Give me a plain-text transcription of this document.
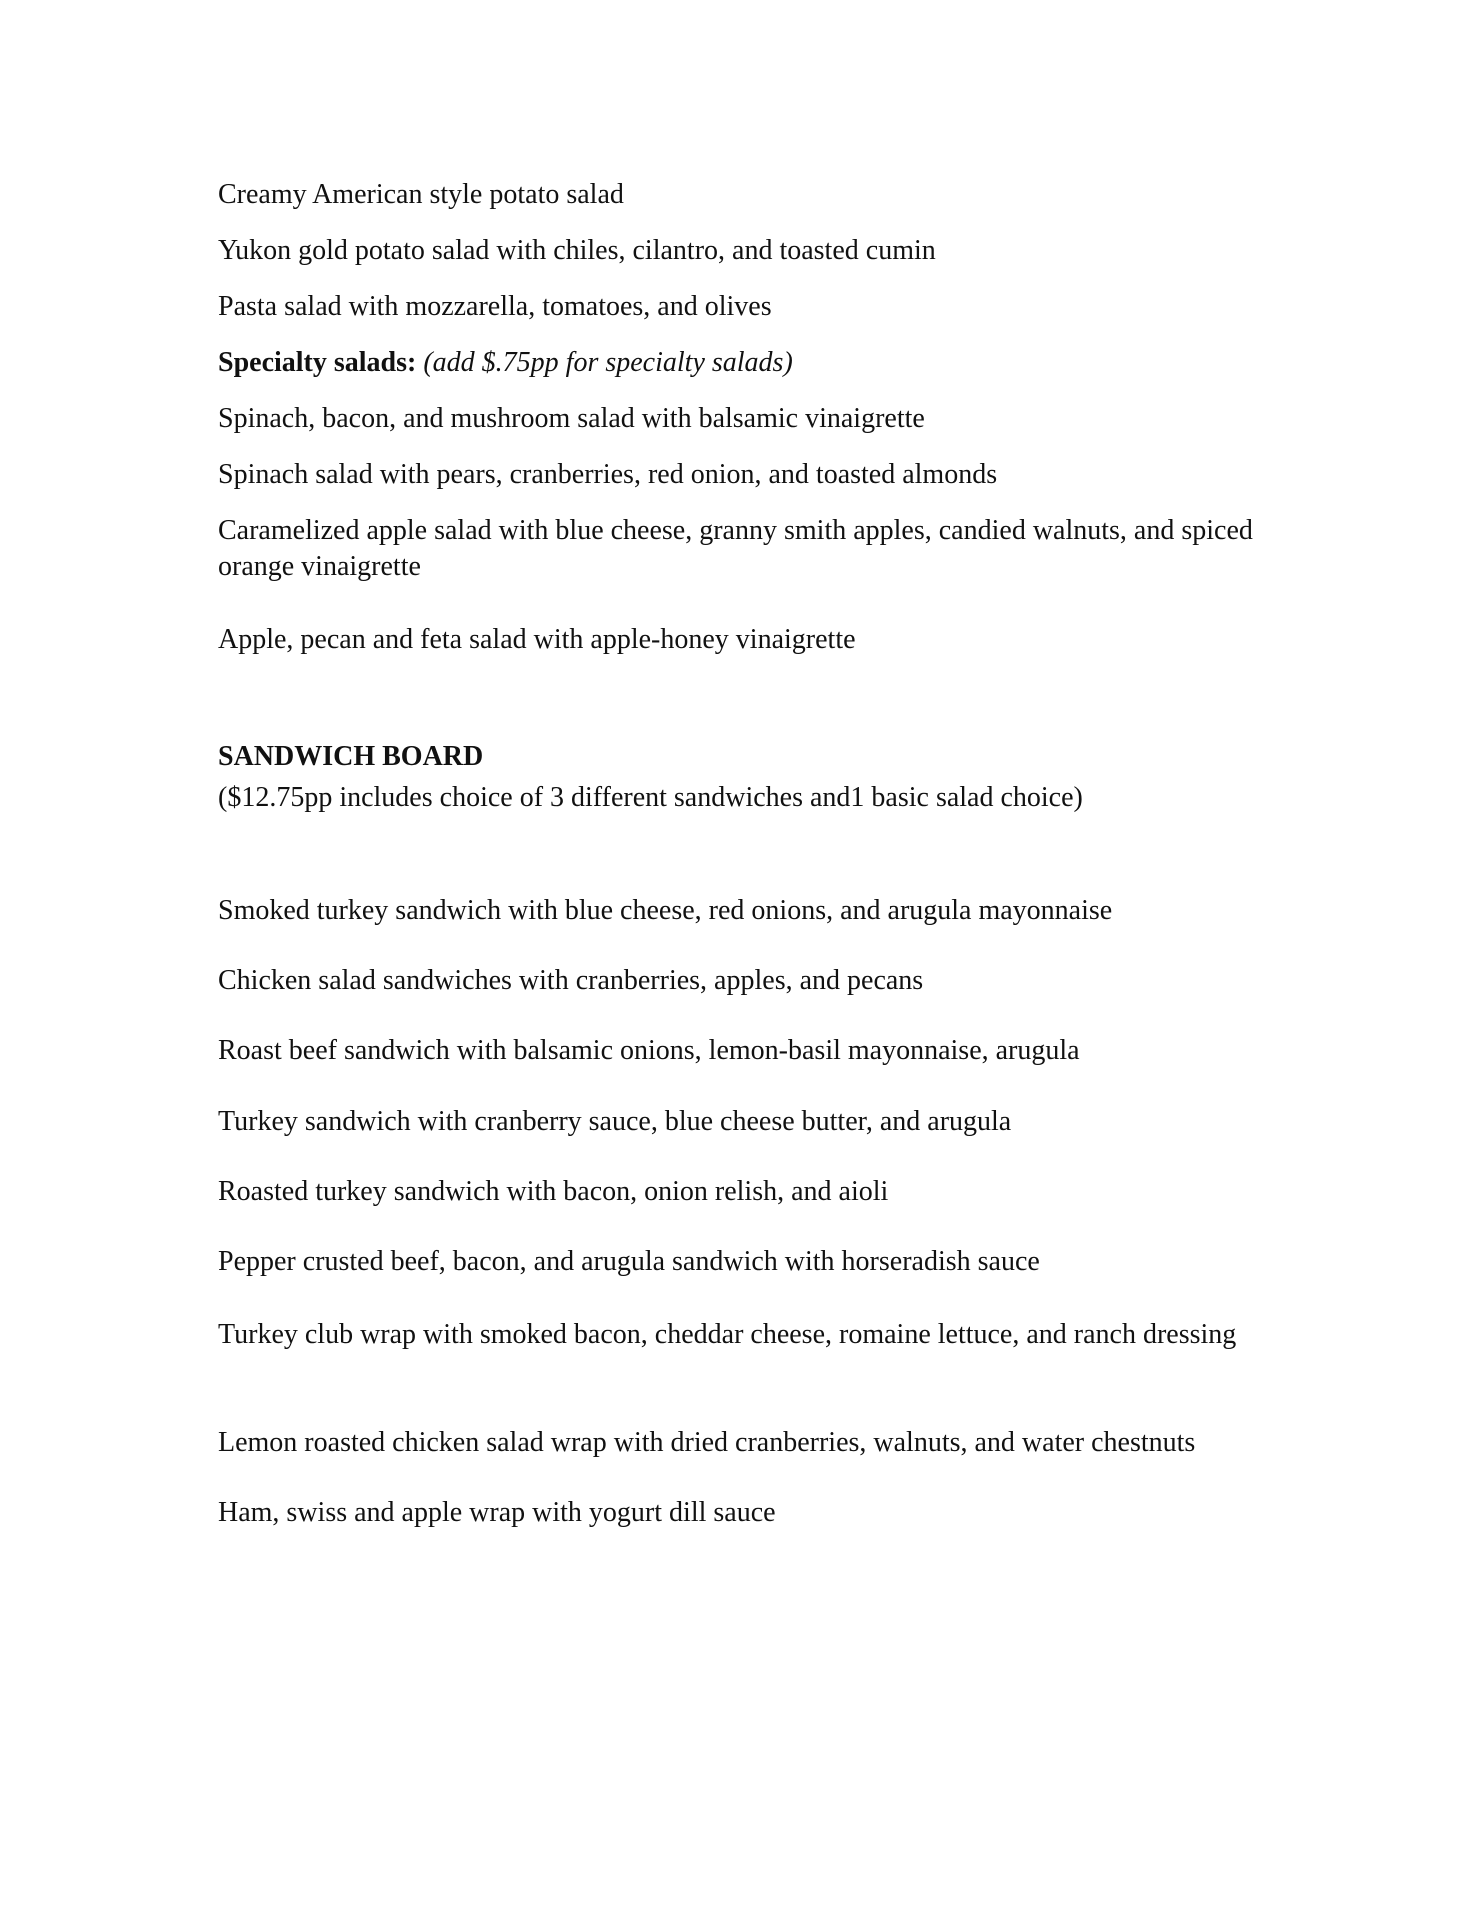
Creamy American style potato salad
Yukon gold potato salad with chiles, cilantro, and toasted cumin
Pasta salad with mozzarella, tomatoes, and olives
Specialty salads: (add $.75pp for specialty salads)
Spinach, bacon, and mushroom salad with balsamic vinaigrette
Spinach salad with pears, cranberries, red onion, and toasted almonds
Caramelized apple salad with blue cheese, granny smith apples, candied walnuts, and spiced orange vinaigrette
Apple, pecan and feta salad with apple-honey vinaigrette
SANDWICH BOARD
($12.75pp includes choice of 3 different sandwiches and1 basic salad choice)
Smoked turkey sandwich with blue cheese, red onions, and arugula mayonnaise
Chicken salad sandwiches with cranberries, apples, and pecans
Roast beef sandwich with balsamic onions, lemon-basil mayonnaise, arugula
Turkey sandwich with cranberry sauce, blue cheese butter, and arugula
Roasted turkey sandwich with bacon, onion relish, and aioli
Pepper crusted beef, bacon, and arugula sandwich with horseradish sauce
Turkey club wrap with smoked bacon, cheddar cheese, romaine lettuce, and ranch dressing
Lemon roasted chicken salad wrap with dried cranberries, walnuts, and water chestnuts
Ham, swiss and apple wrap with yogurt dill sauce
